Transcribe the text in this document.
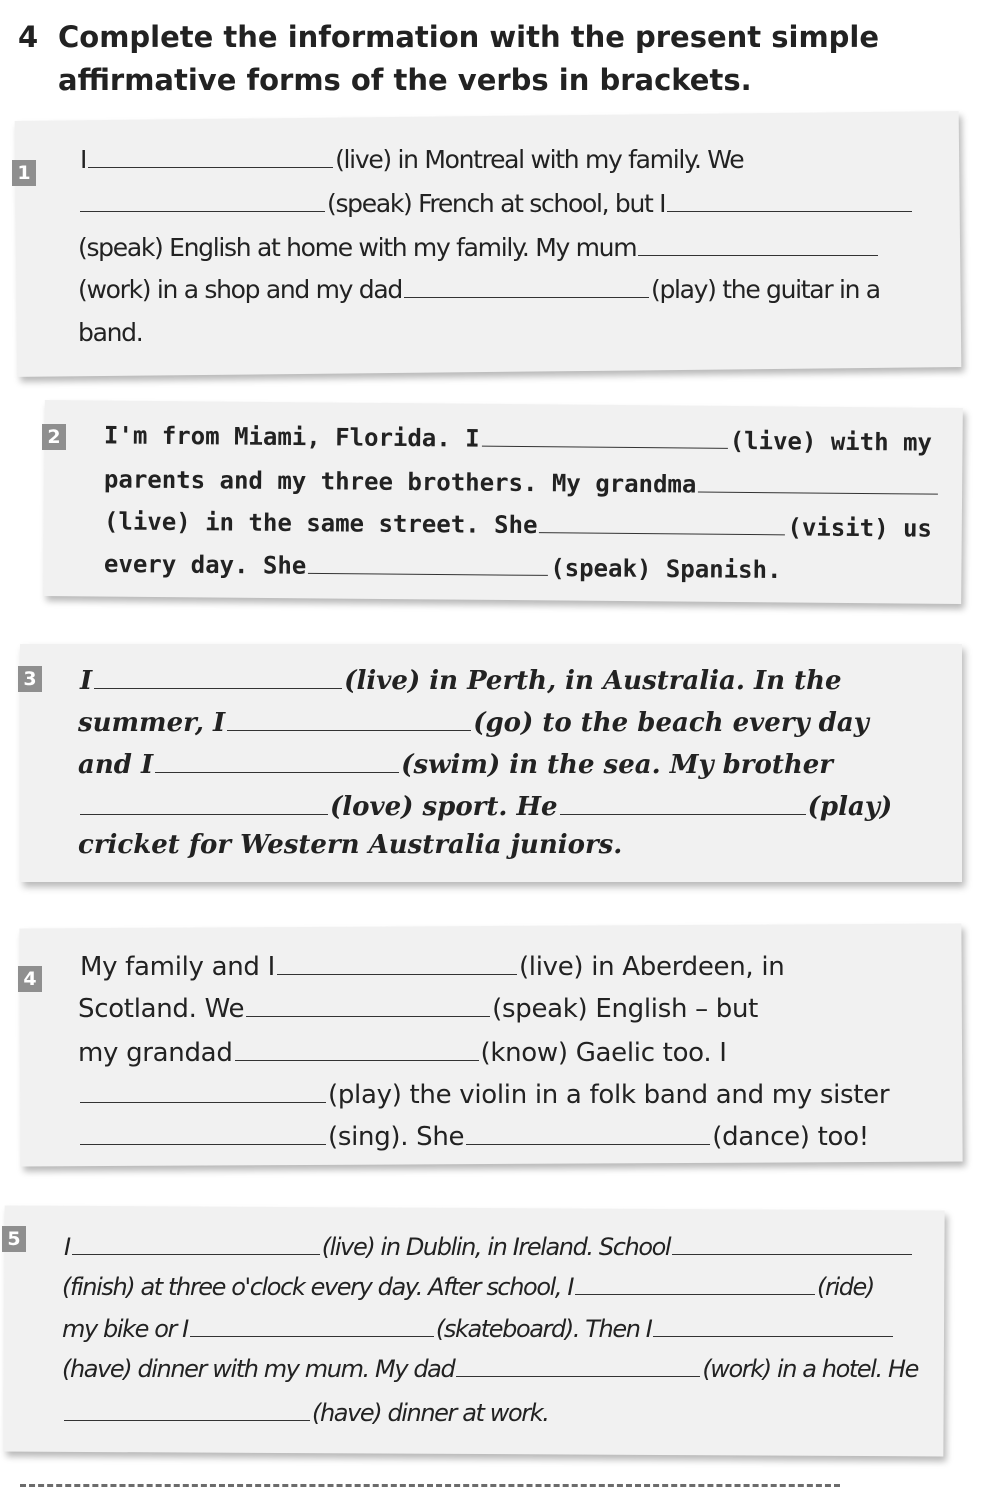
4 Complete the information with the present simple
affirmative forms of the verbs in brackets.
1 I	(live) in Montreal with my family. We
(speak) French at school, but I
(speak) English at home with my family. My mum
(work) in a shop and my dad	(play) the guitar in a
band.
2 I'm from Miami, Florida. I	(live) with my
parents and my three brothers. My grandma
(live) in the same street. She	(visit) us
every day. She	(speak) Spanish.
3 I	(live) in Perth, in Australia. In the
summer, I	(go) to the beach every day
and I	(swim) in the sea. My brother
(love) sport. He	(play)
cricket for Western Australia juniors.
4 My family and I	(live) in Aberdeen, in
Scotland. We	(speak) English – but
my grandad	(know) Gaelic too. I
(play) the violin in a folk band and my sister
(sing). She	(dance) too!
5 I	(live) in Dublin, in Ireland. School
(finish) at three o'clock every day. After school, I	(ride)
my bike or I	(skateboard). Then I
(have) dinner with my mum. My dad	(work) in a hotel. He
(have) dinner at work.
